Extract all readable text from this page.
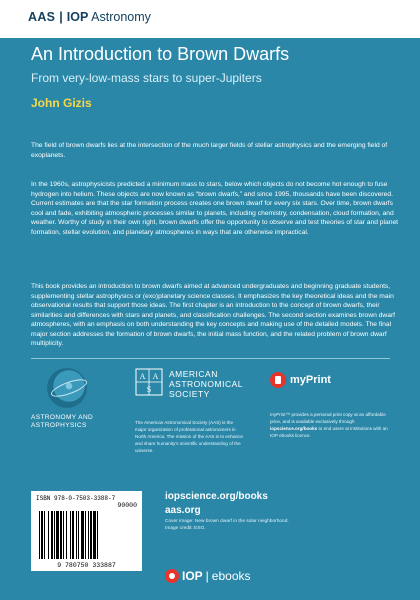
AAS | IOP Astronomy
An Introduction to Brown Dwarfs
From very-low-mass stars to super-Jupiters
John Gizis

The field of brown dwarfs lies at the intersection of the much larger fields of stellar astrophysics and the emerging field of exoplanets.

In the 1960s, astrophysicists predicted a minimum mass to stars, below which objects do not become hot enough to fuse hydrogen into helium. These objects are now known as “brown dwarfs,” and since 1995, thousands have been discovered. Current estimates are that the star formation process creates one brown dwarf for every six stars. Over time, brown dwarfs cool and fade, exhibiting atmospheric processes similar to planets, including chemistry, condensation, cloud formation, and weather. Worthy of study in their own right, brown dwarfs offer the opportunity to observe and test theories of star and planet formation, stellar evolution, and planetary atmospheres in ways that are otherwise impractical.

This book provides an introduction to brown dwarfs aimed at advanced undergraduates and beginning graduate students, supplementing stellar astrophysics or (exo)planetary science classes. It emphasizes the key theoretical ideas and the main observational results that support those ideas. The first chapter is an introduction to the concept of brown dwarfs, their similarities and differences with stars and planets, and classification challenges. The second section examines brown dwarf atmospheres, with an emphasis on both understanding the key concepts and making use of the detailed models. The final major section addresses the formation of brown dwarfs, the initial mass function, and the related problem of brown dwarf multiplicity.

ASTRONOMY AND
ASTROPHYSICS
A A
S
AMERICAN
ASTRONOMICAL
SOCIETY

The American Astronomical Society (AAS) is the major organization of professional astronomers in North America. The mission of the AAS is to enhance and share humanity’s scientific understanding of the universe.

myPrint

myPrint™ provides a personal print copy at an affordable price, and is available exclusively through iopscience.org/books to end users at institutions with an IOP ebooks licence.

ISBN 978-0-7503-3388-7
90000
9 780750 333887
iopscience.org/books
aas.org
Cover image: New brown dwarf in the solar neighborhood.
Image credit: ESO.
IOP | ebooks
